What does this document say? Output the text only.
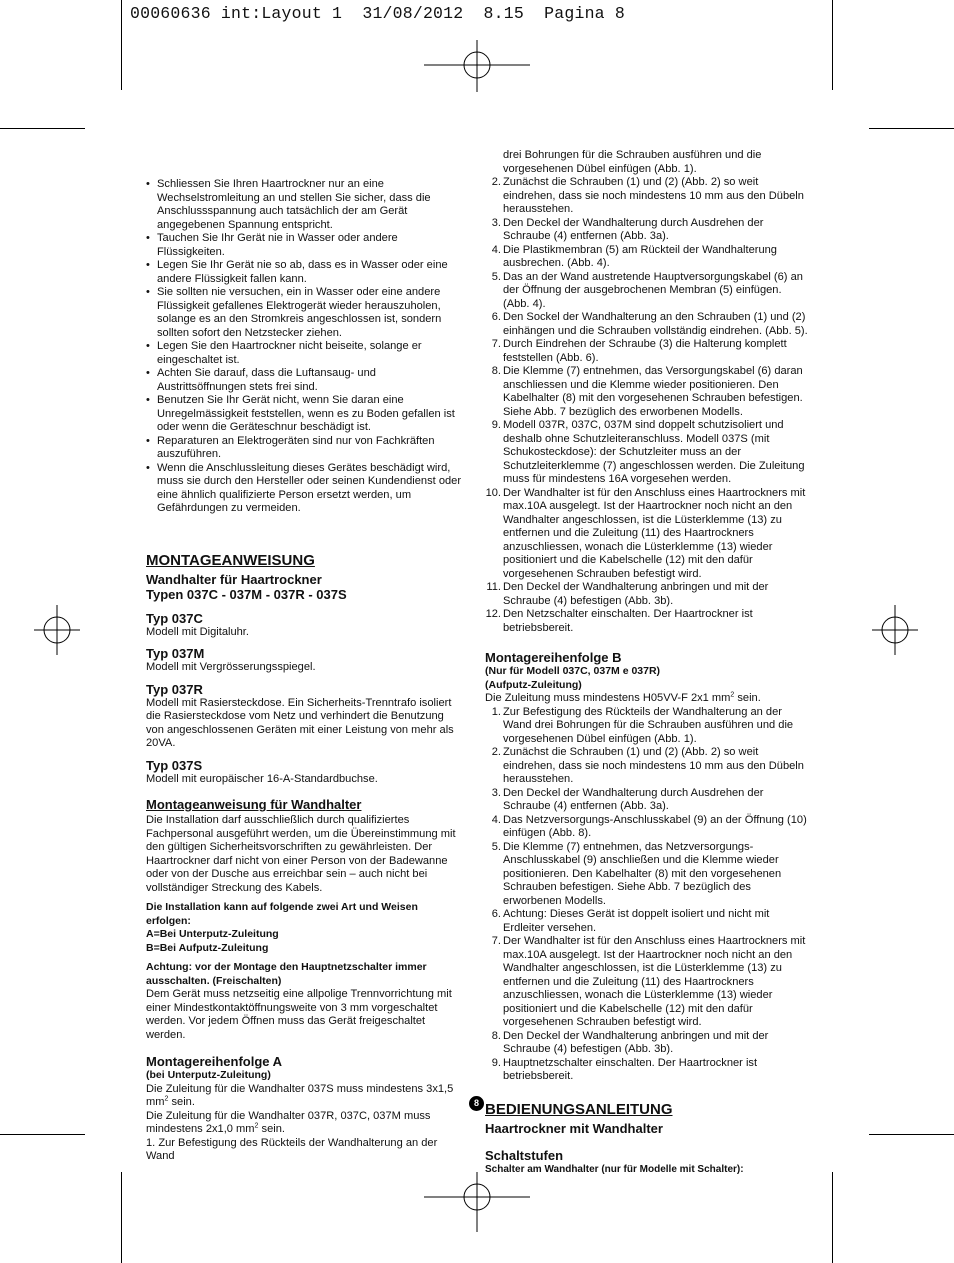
00060636 int:Layout 1  31/08/2012  8.15  Pagina 8
• Schliessen Sie Ihren Haartrockner nur an eine Wechselstromleitung an und stellen Sie sicher, dass die Anschlussspannung auch tatsächlich der am Gerät angegebenen Spannung entspricht.
• Tauchen Sie Ihr Gerät nie in Wasser oder andere Flüssigkeiten.
• Legen Sie Ihr Gerät nie so ab, dass es in Wasser oder eine andere Flüssigkeit fallen kann.
• Sie sollten nie versuchen, ein in Wasser oder eine andere Flüssigkeit gefallenes Elektrogerät wieder herauszuholen, solange es an den Stromkreis angeschlossen ist, sondern sollten sofort den Netzstecker ziehen.
• Legen Sie den Haartrockner nicht beiseite, solange er eingeschaltet ist.
• Achten Sie darauf, dass die Luftansaug- und Austrittsöffnungen stets frei sind.
• Benutzen Sie Ihr Gerät nicht, wenn Sie daran eine Unregelmässigkeit feststellen, wenn es zu Boden gefallen ist oder wenn die Geräteschnur beschädigt ist.
• Reparaturen an Elektrogeräten sind nur von Fachkräften auszuführen.
• Wenn die Anschlussleitung dieses Gerätes beschädigt wird, muss sie durch den Hersteller oder seinen Kundendienst oder eine ähnlich qualifizierte Person ersetzt werden, um Gefährdungen zu vermeiden.
MONTAGEANWEISUNG
Wandhalter für Haartrockner
Typen 037C - 037M - 037R - 037S
Typ 037C

Modell mit Digitaluhr.

Typ 037M

Modell mit Vergrösserungsspiegel.

Typ 037R

Modell mit Rasiersteckdose. Ein Sicherheits-Trenntrafo isoliert die Rasiersteckdose vom Netz und verhindert die Benutzung von angeschlossenen Geräten mit einer Leistung von mehr als 20VA.

Typ 037S

Modell mit europäischer 16-A-Standardbuchse.

Montageanweisung für Wandhalter

Die Installation darf ausschließlich durch qualifiziertes Fachpersonal ausgeführt werden, um die Übereinstimmung mit den gültigen Sicherheitsvorschriften zu gewährleisten. Der Haartrockner darf nicht von einer Person von der Badewanne oder von der Dusche aus erreichbar sein – auch nicht bei vollständiger Streckung des Kabels.

Die Installation kann auf folgende zwei Art und Weisen erfolgen:
A=Bei Unterputz-Zuleitung
B=Bei Aufputz-Zuleitung
Achtung: vor der Montage den Hauptnetzschalter immer ausschalten. (Freischalten)

Dem Gerät muss netzseitig eine allpolige Trennvorrichtung mit einer Mindestkontaktöffnungsweite von 3 mm vorgeschaltet werden. Vor jedem Öffnen muss das Gerät freigeschaltet werden.

Montagereihenfolge A
(bei Unterputz-Zuleitung)

Die Zuleitung für die Wandhalter 037S muss mindestens 3x1,5 $mm^2$ sein.

Die Zuleitung für die Wandhalter 037R, 037C, 037M muss mindestens 2x1,0 $mm^2$ sein.

1. Zur Befestigung des Rückteils der Wandhalterung an der Wand

drei Bohrungen für die Schrauben ausführen und die vorgesehenen Dübel einfügen (Abb. 1).

2. Zunächst die Schrauben (1) und (2) (Abb. 2) so weit eindrehen, dass sie noch mindestens 10 mm aus den Dübeln herausstehen.
3. Den Deckel der Wandhalterung durch Ausdrehen der Schraube (4) entfernen (Abb. 3a).
4. Die Plastikmembran (5) am Rückteil der Wandhalterung ausbrechen. (Abb. 4).
5. Das an der Wand austretende Hauptversorgungskabel (6) an der Öffnung der ausgebrochenen Membran (5) einfügen. (Abb. 4).
6. Den Sockel der Wandhalterung an den Schrauben (1) und (2) einhängen und die Schrauben vollständig eindrehen. (Abb. 5).
7. Durch Eindrehen der Schraube (3) die Halterung komplett feststellen (Abb. 6).
8. Die Klemme (7) entnehmen, das Versorgungskabel (6) daran anschliessen und die Klemme wieder positionieren. Den Kabelhalter (8) mit den vorgesehenen Schrauben befestigen. Siehe Abb. 7 bezüglich des erworbenen Modells.
9. Modell 037R, 037C, 037M sind doppelt schutzisoliert und deshalb ohne Schutzleiteranschluss. Modell 037S (mit Schukosteckdose): der Schutzleiter muss an der Schutzleiterklemme (7) angeschlossen werden. Die Zuleitung muss für mindestens 16A vorgesehen werden.
10. Der Wandhalter ist für den Anschluss eines Haartrockners mit max.10A ausgelegt. Ist der Haartrockner noch nicht an den Wandhalter angeschlossen, ist die Lüsterklemme (13) zu entfernen und die Zuleitung (11) des Haartrockners anzuschliessen, wonach die Lüsterklemme (13) wieder positioniert und die Kabelschelle (12) mit den dafür vorgesehenen Schrauben befestigt wird.
11. Den Deckel der Wandhalterung anbringen und mit der Schraube (4) befestigen (Abb. 3b).
12. Den Netzschalter einschalten. Der Haartrockner ist betriebsbereit.
Montagereihenfolge B
(Nur für Modell 037C, 037M e 037R)
(Aufputz-Zuleitung)

Die Zuleitung muss mindestens H05VV-F 2x1 $mm^2$ sein.

1. Zur Befestigung des Rückteils der Wandhalterung an der Wand drei Bohrungen für die Schrauben ausführen und die vorgesehenen Dübel einfügen (Abb. 1).
2. Zunächst die Schrauben (1) und (2) (Abb. 2) so weit eindrehen, dass sie noch mindestens 10 mm aus den Dübeln herausstehen.
3. Den Deckel der Wandhalterung durch Ausdrehen der Schraube (4) entfernen (Abb. 3a).
4. Das Netzversorgungs-Anschlusskabel (9) an der Öffnung (10) einfügen (Abb. 8).
5. Die Klemme (7) entnehmen, das Netzversorgungs-Anschlusskabel (9) anschließen und die Klemme wieder positionieren. Den Kabelhalter (8) mit den vorgesehenen Schrauben befestigen. Siehe Abb. 7 bezüglich des erworbenen Modells.
6. Achtung: Dieses Gerät ist doppelt isoliert und nicht mit Erdleiter versehen.
7. Der Wandhalter ist für den Anschluss eines Haartrockners mit max.10A ausgelegt. Ist der Haartrockner noch nicht an den Wandhalter angeschlossen, ist die Lüsterklemme (13) zu entfernen und die Zuleitung (11) des Haartrockners anzuschliessen, wonach die Lüsterklemme (13) wieder positioniert und die Kabelschelle (12) mit den dafür vorgesehenen Schrauben befestigt wird.
8. Den Deckel der Wandhalterung anbringen und mit der Schraube (4) befestigen (Abb. 3b).
9. Hauptnetzschalter einschalten. Der Haartrockner ist betriebsbereit.
BEDIENUNGSANLEITUNG
Haartrockner mit Wandhalter
Schaltstufen
Schalter am Wandhalter (nur für Modelle mit Schalter):
8
